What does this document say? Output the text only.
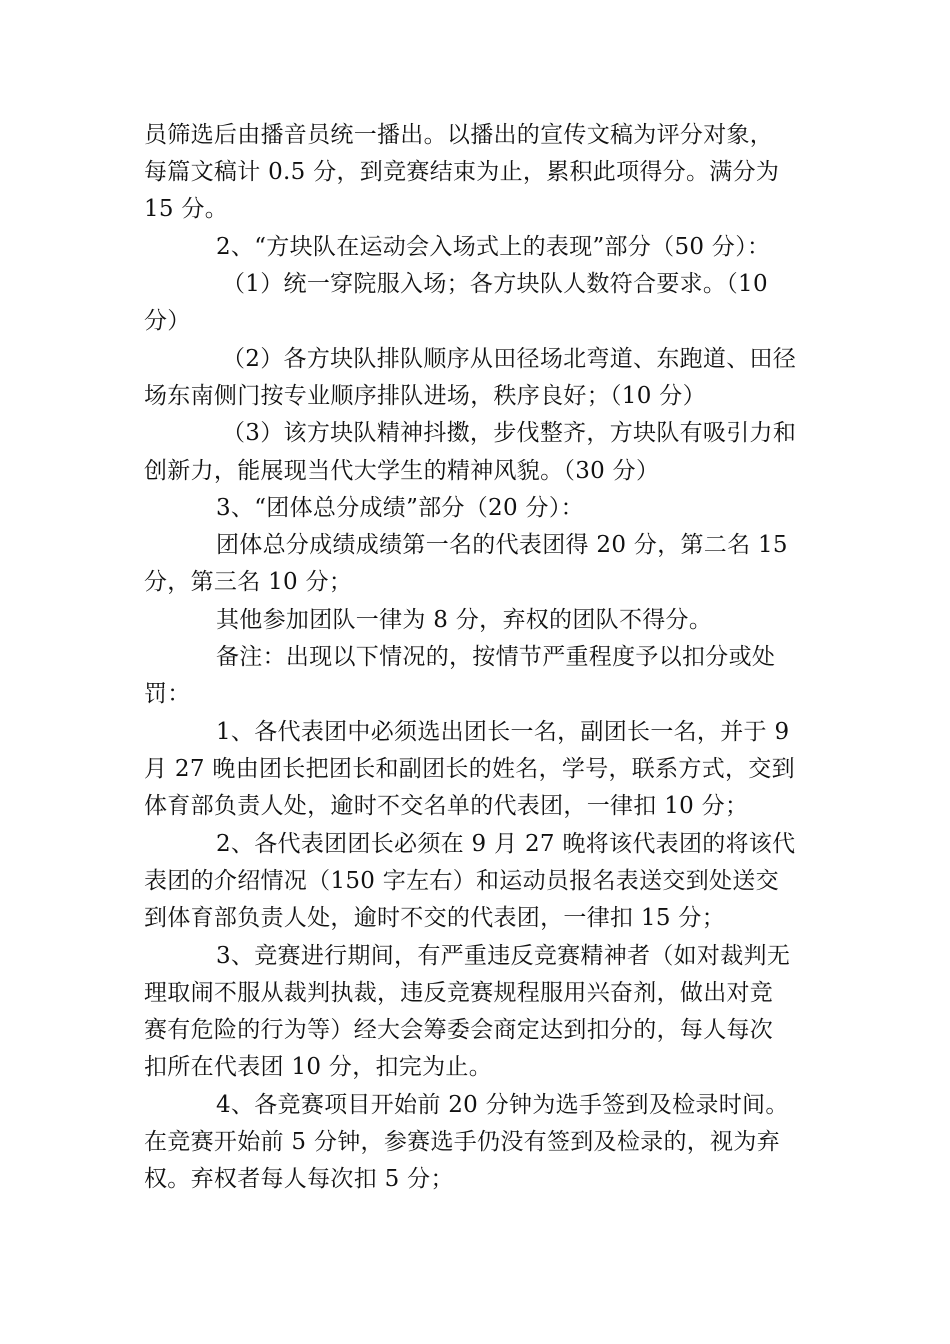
员筛选后由播音员统一播出。以播出的宣传文稿为评分对象，
每篇文稿计 0.5 分，到竞赛结束为止，累积此项得分。满分为
15 分。
2、“方块队在运动会入场式上的表现”部分（50 分）：
（1）统一穿院服入场；各方块队人数符合要求。（10
分）
（2）各方块队排队顺序从田径场北弯道、东跑道、田径
场东南侧门按专业顺序排队进场，秩序良好；（10 分）
（3）该方块队精神抖擞，步伐整齐，方块队有吸引力和
创新力，能展现当代大学生的精神风貌。（30 分）
3、“团体总分成绩”部分（20 分）：
团体总分成绩成绩第一名的代表团得 20 分，第二名 15
分，第三名 10 分；
其他参加团队一律为 8 分，弃权的团队不得分。
备注：出现以下情况的，按情节严重程度予以扣分或处
罚：
1、各代表团中必须选出团长一名，副团长一名，并于 9
月 27 晚由团长把团长和副团长的姓名，学号，联系方式，交到
体育部负责人处，逾时不交名单的代表团，一律扣 10 分；
2、各代表团团长必须在 9 月 27 晚将该代表团的将该代
表团的介绍情况（150 字左右）和运动员报名表送交到处送交
到体育部负责人处，逾时不交的代表团，一律扣 15 分；
3、竞赛进行期间，有严重违反竞赛精神者（如对裁判无
理取闹不服从裁判执裁，违反竞赛规程服用兴奋剂，做出对竞
赛有危险的行为等）经大会筹委会商定达到扣分的，每人每次
扣所在代表团 10 分，扣完为止。
4、各竞赛项目开始前 20 分钟为选手签到及检录时间。
在竞赛开始前 5 分钟，参赛选手仍没有签到及检录的，视为弃
权。弃权者每人每次扣 5 分；
